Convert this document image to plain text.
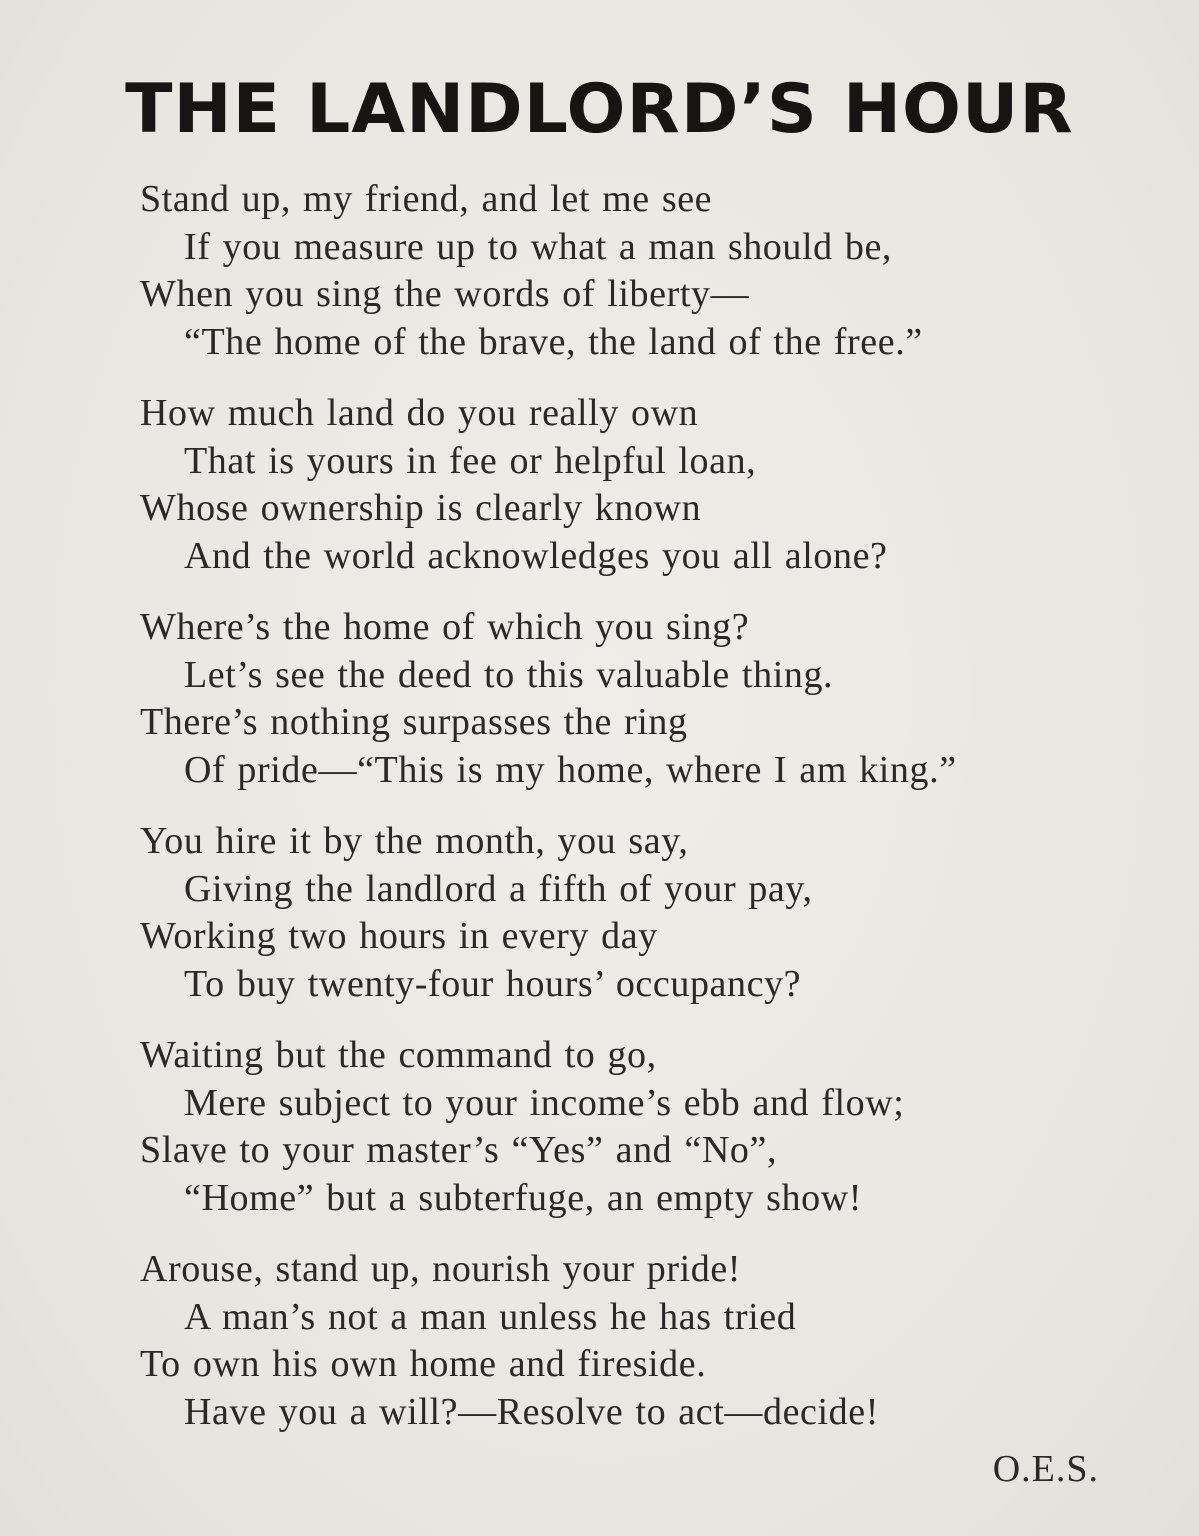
THE LANDLORD’S HOUR
Stand up, my friend, and let me see
If you measure up to what a man should be,
When you sing the words of liberty—
“The home of the brave, the land of the free.”
How much land do you really own
That is yours in fee or helpful loan,
Whose ownership is clearly known
And the world acknowledges you all alone?
Where’s the home of which you sing?
Let’s see the deed to this valuable thing.
There’s nothing surpasses the ring
Of pride—“This is my home, where I am king.”
You hire it by the month, you say,
Giving the landlord a fifth of your pay,
Working two hours in every day
To buy twenty-four hours’ occupancy?
Waiting but the command to go,
Mere subject to your income’s ebb and flow;
Slave to your master’s “Yes” and “No”,
“Home” but a subterfuge, an empty show!
Arouse, stand up, nourish your pride!
A man’s not a man unless he has tried
To own his own home and fireside.
Have you a will?—Resolve to act—decide!
O.E.S.
